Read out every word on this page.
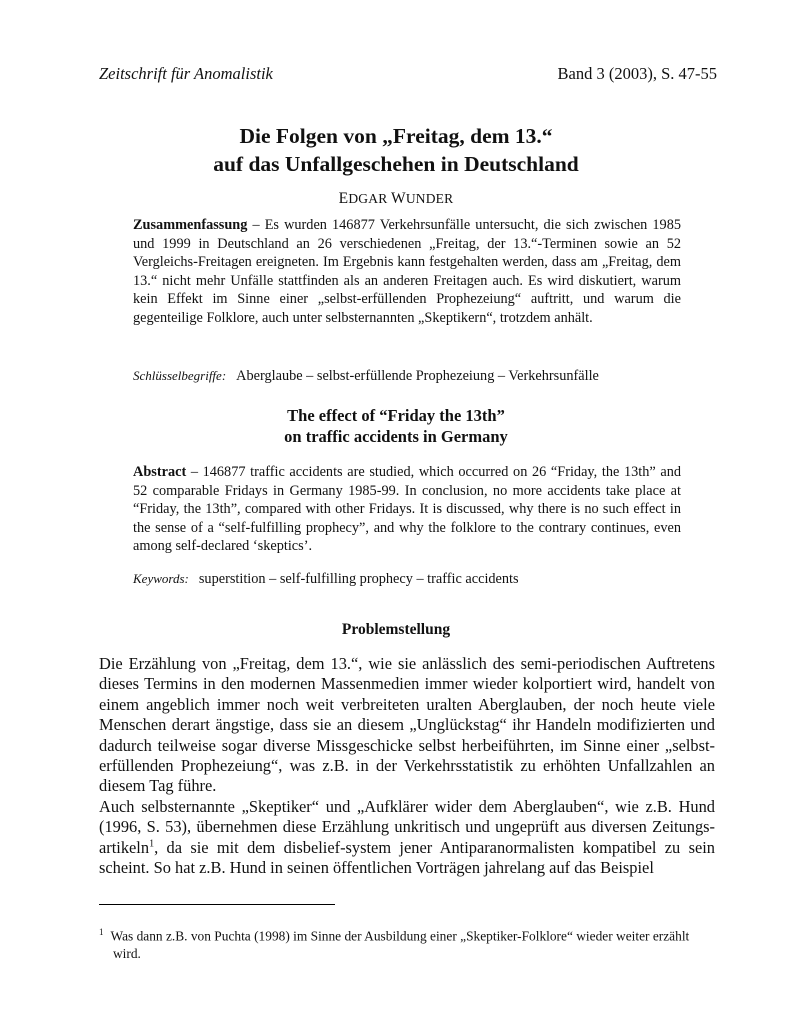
Zeitschrift für Anomalistik	Band 3 (2003), S. 47-55
Die Folgen von „Freitag, dem 13.“
auf das Unfallgeschehen in Deutschland
EDGAR WUNDER
Zusammenfassung – Es wurden 146877 Verkehrsunfälle untersucht, die sich zwischen 1985 und 1999 in Deutschland an 26 verschiedenen „Freitag, der 13.“-Terminen sowie an 52 Vergleichs-Freitagen ereigneten. Im Ergebnis kann festgehalten werden, dass am „Freitag, dem 13.“ nicht mehr Unfälle stattfinden als an anderen Freitagen auch. Es wird diskutiert, warum kein Effekt im Sinne einer „selbst-erfüllenden Prophezeiung“ auftritt, und warum die gegenteilige Folklore, auch unter selbsternannten „Skeptikern“, trotzdem anhält.
Schlüsselbegriffe: Aberglaube – selbst-erfüllende Prophezeiung – Verkehrsunfälle
The effect of “Friday the 13th”
on traffic accidents in Germany
Abstract – 146877 traffic accidents are studied, which occurred on 26 “Friday, the 13th” and 52 comparable Fridays in Germany 1985-99. In conclusion, no more accidents take place at “Friday, the 13th”, compared with other Fridays. It is discussed, why there is no such effect in the sense of a “self-fulfilling prophecy”, and why the folklore to the contrary continues, even among self-declared ‘skeptics’.
Keywords: superstition – self-fulfilling prophecy – traffic accidents
Problemstellung
Die Erzählung von „Freitag, dem 13.“, wie sie anlässlich des semi-periodischen Auftretens dieses Termins in den modernen Massenmedien immer wieder kolportiert wird, handelt von einem angeblich immer noch weit verbreiteten uralten Aberglauben, der noch heute viele Menschen derart ängstige, dass sie an diesem „Unglückstag“ ihr Handeln modifizierten und dadurch teilweise sogar diverse Missgeschicke selbst herbeiführten, im Sinne einer „selbst-erfüllenden Prophezeiung“, was z.B. in der Verkehrsstatistik zu erhöhten Unfallzahlen an diesem Tag führe.
Auch selbsternannte „Skeptiker“ und „Aufklärer wider dem Aberglauben“, wie z.B. Hund (1996, S. 53), übernehmen diese Erzählung unkritisch und ungeprüft aus diversen Zeitungs-artikeln$^1$, da sie mit dem disbelief-system jener Antiparanormalisten kompatibel zu sein scheint. So hat z.B. Hund in seinen öffentlichen Vorträgen jahrelang auf das Beispiel
$^1$ Was dann z.B. von Puchta (1998) im Sinne der Ausbildung einer „Skeptiker-Folklore“ wieder weiter erzählt wird.
